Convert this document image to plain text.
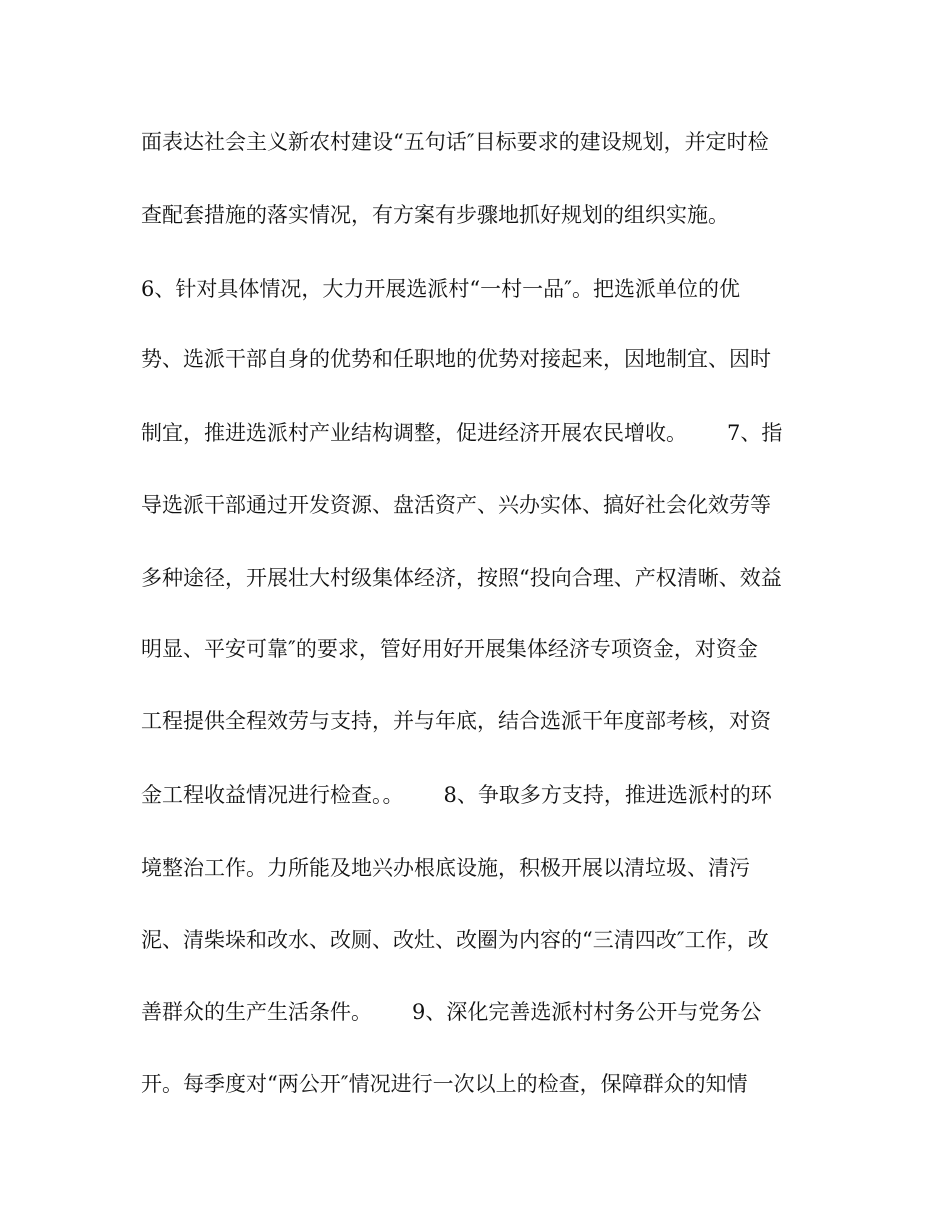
面表达社会主义新农村建设“五句话″目标要求的建设规划，并定时检

查配套措施的落实情况，有方案有步骤地抓好规划的组织实施。

6、针对具体情况，大力开展选派村“一村一品″。把选派单位的优

势、选派干部自身的优势和任职地的优势对接起来，因地制宜、因时

制宜，推进选派村产业结构调整，促进经济开展农民增收。      7、指

导选派干部通过开发资源、盘活资产、兴办实体、搞好社会化效劳等

多种途径，开展壮大村级集体经济，按照“投向合理、产权清晰、效益

明显、平安可靠″的要求，管好用好开展集体经济专项资金，对资金

工程提供全程效劳与支持，并与年底，结合选派干年度部考核，对资

金工程收益情况进行检查。。      8、争取多方支持，推进选派村的环

境整治工作。力所能及地兴办根底设施，积极开展以清垃圾、清污

泥、清柴垛和改水、改厕、改灶、改圈为内容的“三清四改″工作，改

善群众的生产生活条件。      9、深化完善选派村村务公开与党务公

开。每季度对“两公开″情况进行一次以上的检查，保障群众的知情
